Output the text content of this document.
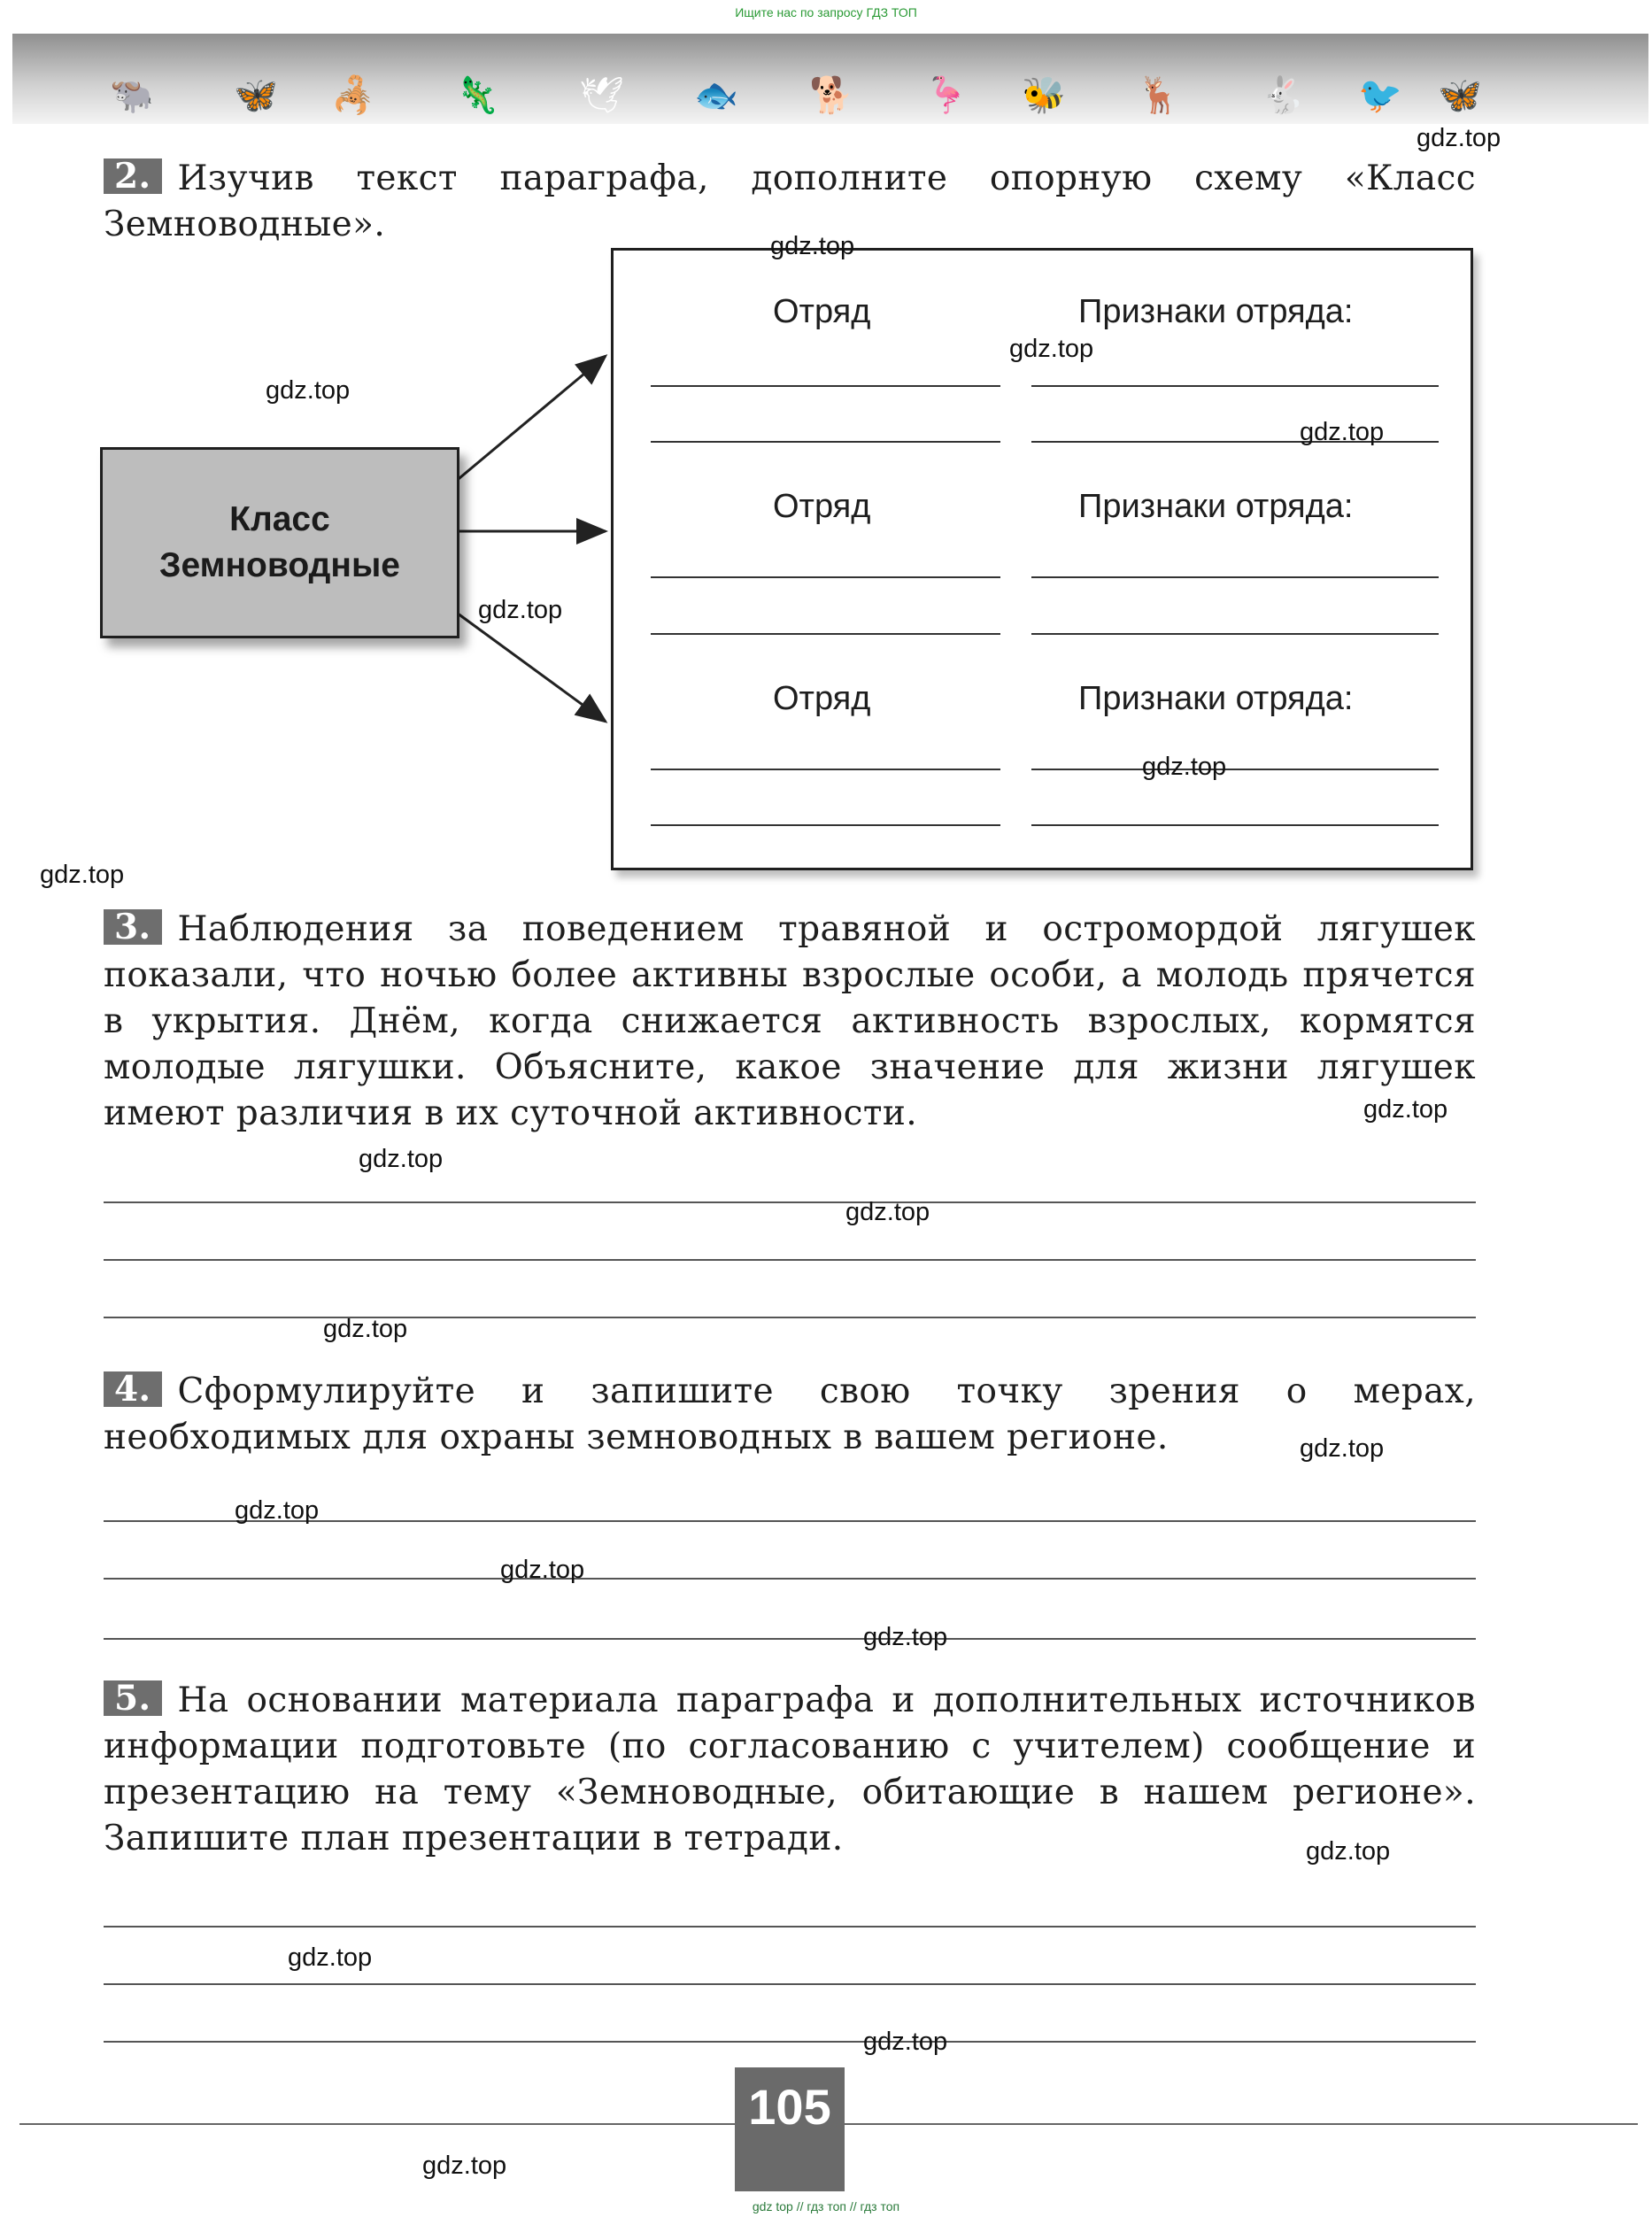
Ищите нас по запросу ГДЗ ТОП
🐃 🦋 🦂 🦎 🕊 🐟 🐕 🦩 🐝 🦌 🐇 🐦 🦋
2. Изучив текст параграфа, дополните опорную схему «Класс Земноводные».
Класс
Земноводные
Отряд	Признаки отряда:
Отряд	Признаки отряда:
Отряд	Признаки отряда:
3. Наблюдения за поведением травяной и остромордой лягушек показали, что ночью более активны взрослые особи, а молодь прячется в укрытия. Днём, когда снижается активность взрослых, кормятся молодые лягушки. Объясните, какое значение для жизни лягушек имеют различия в их суточной активности.
4. Сформулируйте и запишите свою точку зрения о мерах, необходимых для охраны земноводных в вашем регионе.
5. На основании материала параграфа и дополнительных источников информации подготовьте (по согласованию с учителем) сообщение и презентацию на тему «Земноводные, обитающие в нашем регионе». Запишите план презентации в тетради.
gdz.top
gdz.top
gdz.top
gdz.top
gdz.top
gdz.top
gdz.top
gdz.top
gdz.top
gdz.top
gdz.top
gdz.top
gdz.top
gdz.top
gdz.top
gdz.top
gdz.top
gdz.top
gdz.top
gdz.top
105
gdz top // гдз топ // гдз топ
